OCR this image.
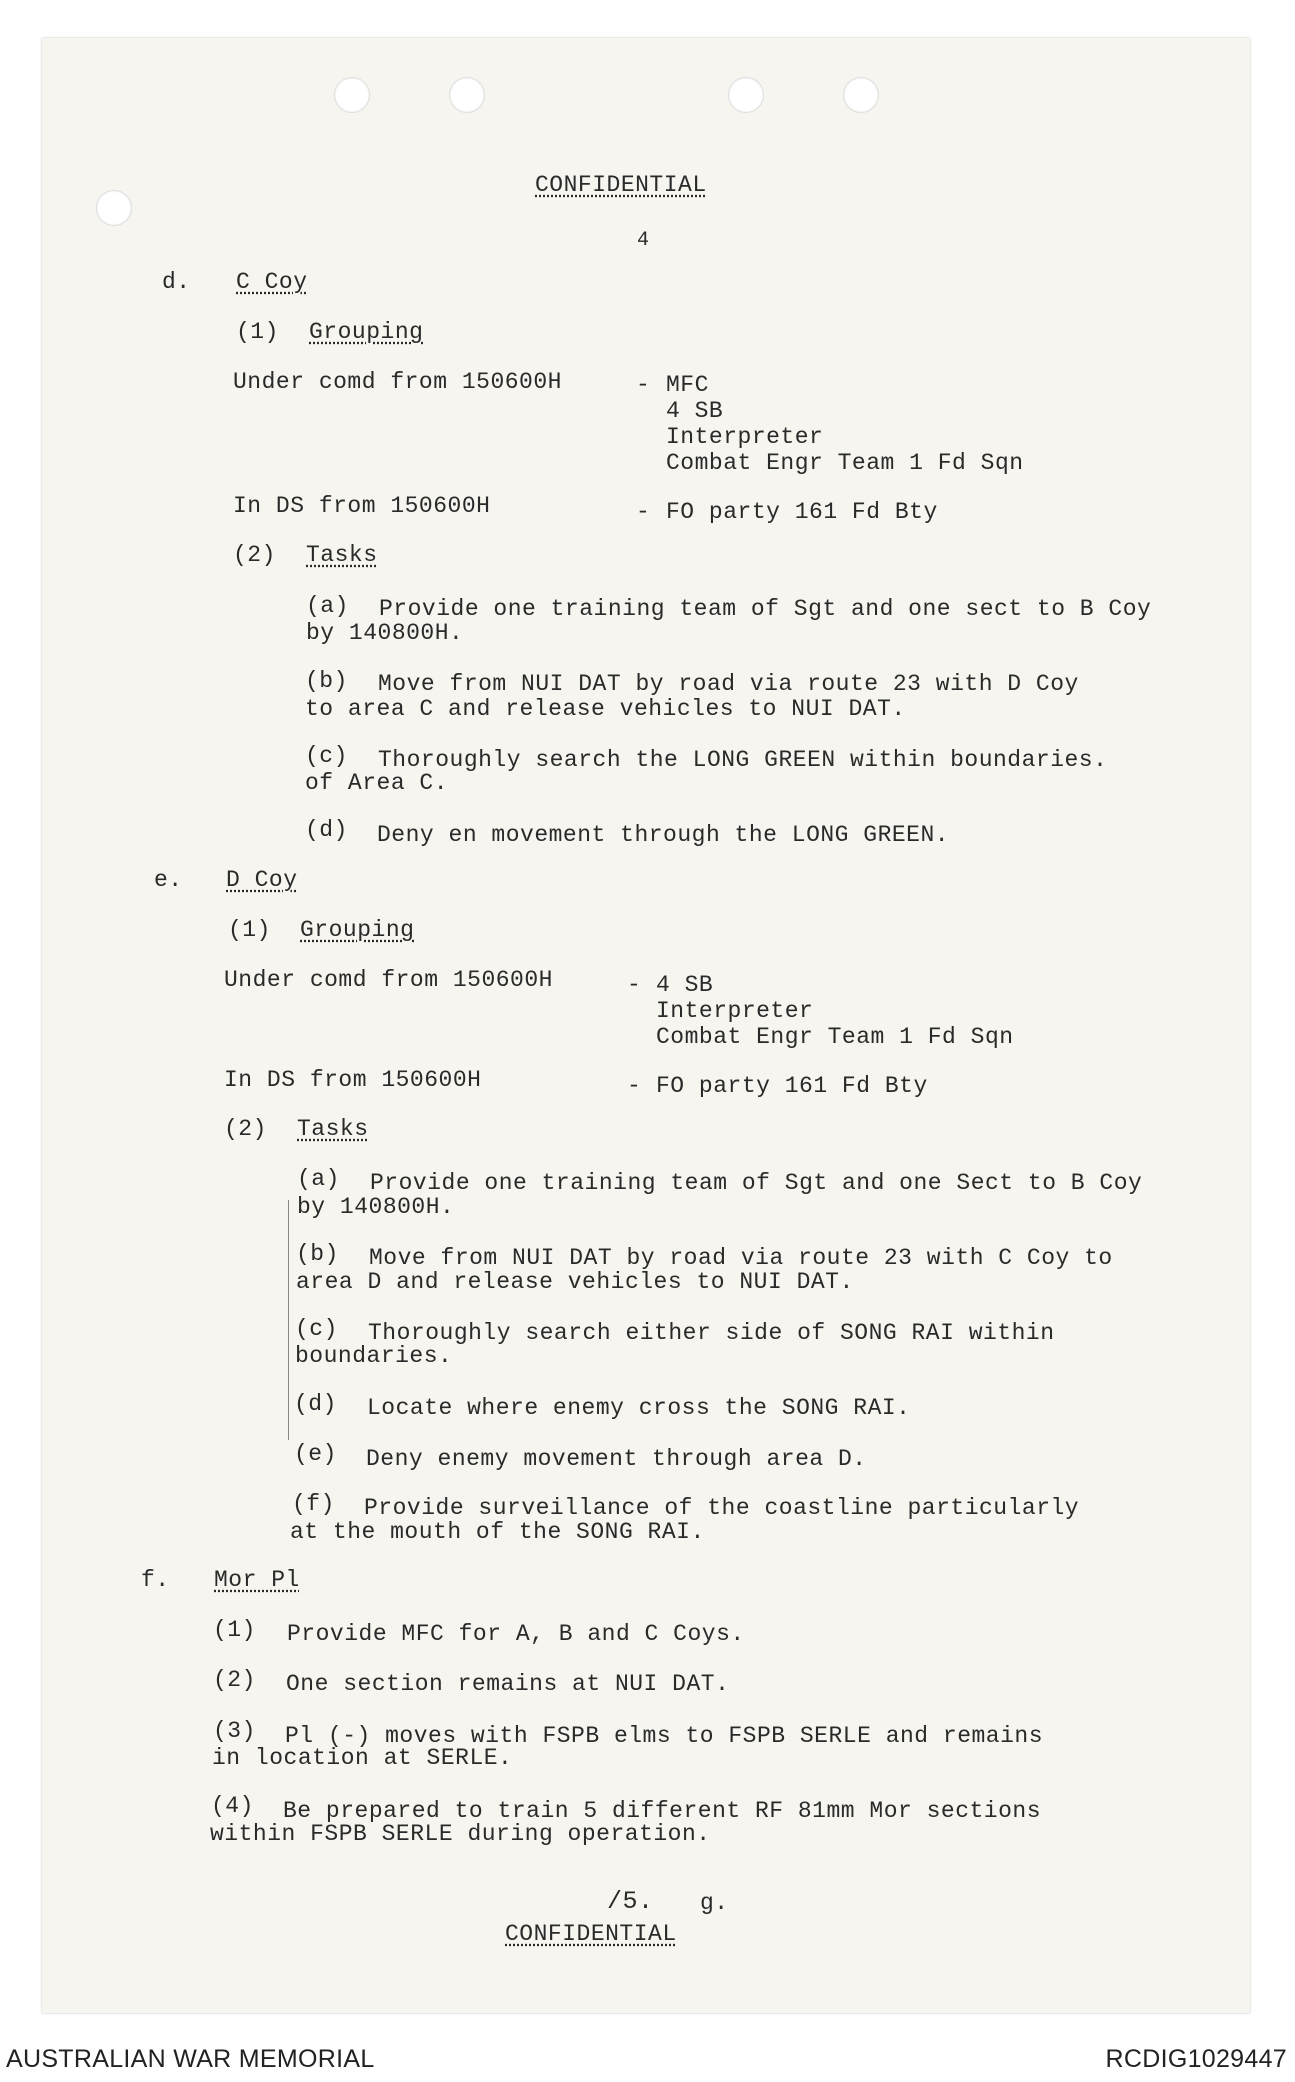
CONFIDENTIAL
4
d. C Coy
(1) Grouping
Under comd from 150600H	- MFC
4 SB
Interpreter
Combat Engr Team 1 Fd Sqn
In DS from 150600H	- FO party 161 Fd Bty
(2) Tasks
(a) Provide one training team of Sgt and one sect to B Coy
by 140800H.
(b) Move from NUI DAT by road via route 23 with D Coy
to area C and release vehicles to NUI DAT.
(c) Thoroughly search the LONG GREEN within boundaries.
of Area C.
(d) Deny en movement through the LONG GREEN.
e. D Coy
(1) Grouping
Under comd from 150600H	- 4 SB
Interpreter
Combat Engr Team 1 Fd Sqn
In DS from 150600H	- FO party 161 Fd Bty
(2) Tasks
(a) Provide one training team of Sgt and one Sect to B Coy
by 140800H.
(b) Move from NUI DAT by road via route 23 with C Coy to
area D and release vehicles to NUI DAT.
(c) Thoroughly search either side of SONG RAI within
boundaries.
(d) Locate where enemy cross the SONG RAI.
(e) Deny enemy movement through area D.
(f) Provide surveillance of the coastline particularly
at the mouth of the SONG RAI.
f. Mor Pl
(1) Provide MFC for A, B and C Coys.
(2) One section remains at NUI DAT.
(3) Pl (-) moves with FSPB elms to FSPB SERLE and remains
in location at SERLE.
(4) Be prepared to train 5 different RF 81mm Mor sections
within FSPB SERLE during operation.
/5. g.
CONFIDENTIAL
AUSTRALIAN WAR MEMORIAL	RCDIG1029447
